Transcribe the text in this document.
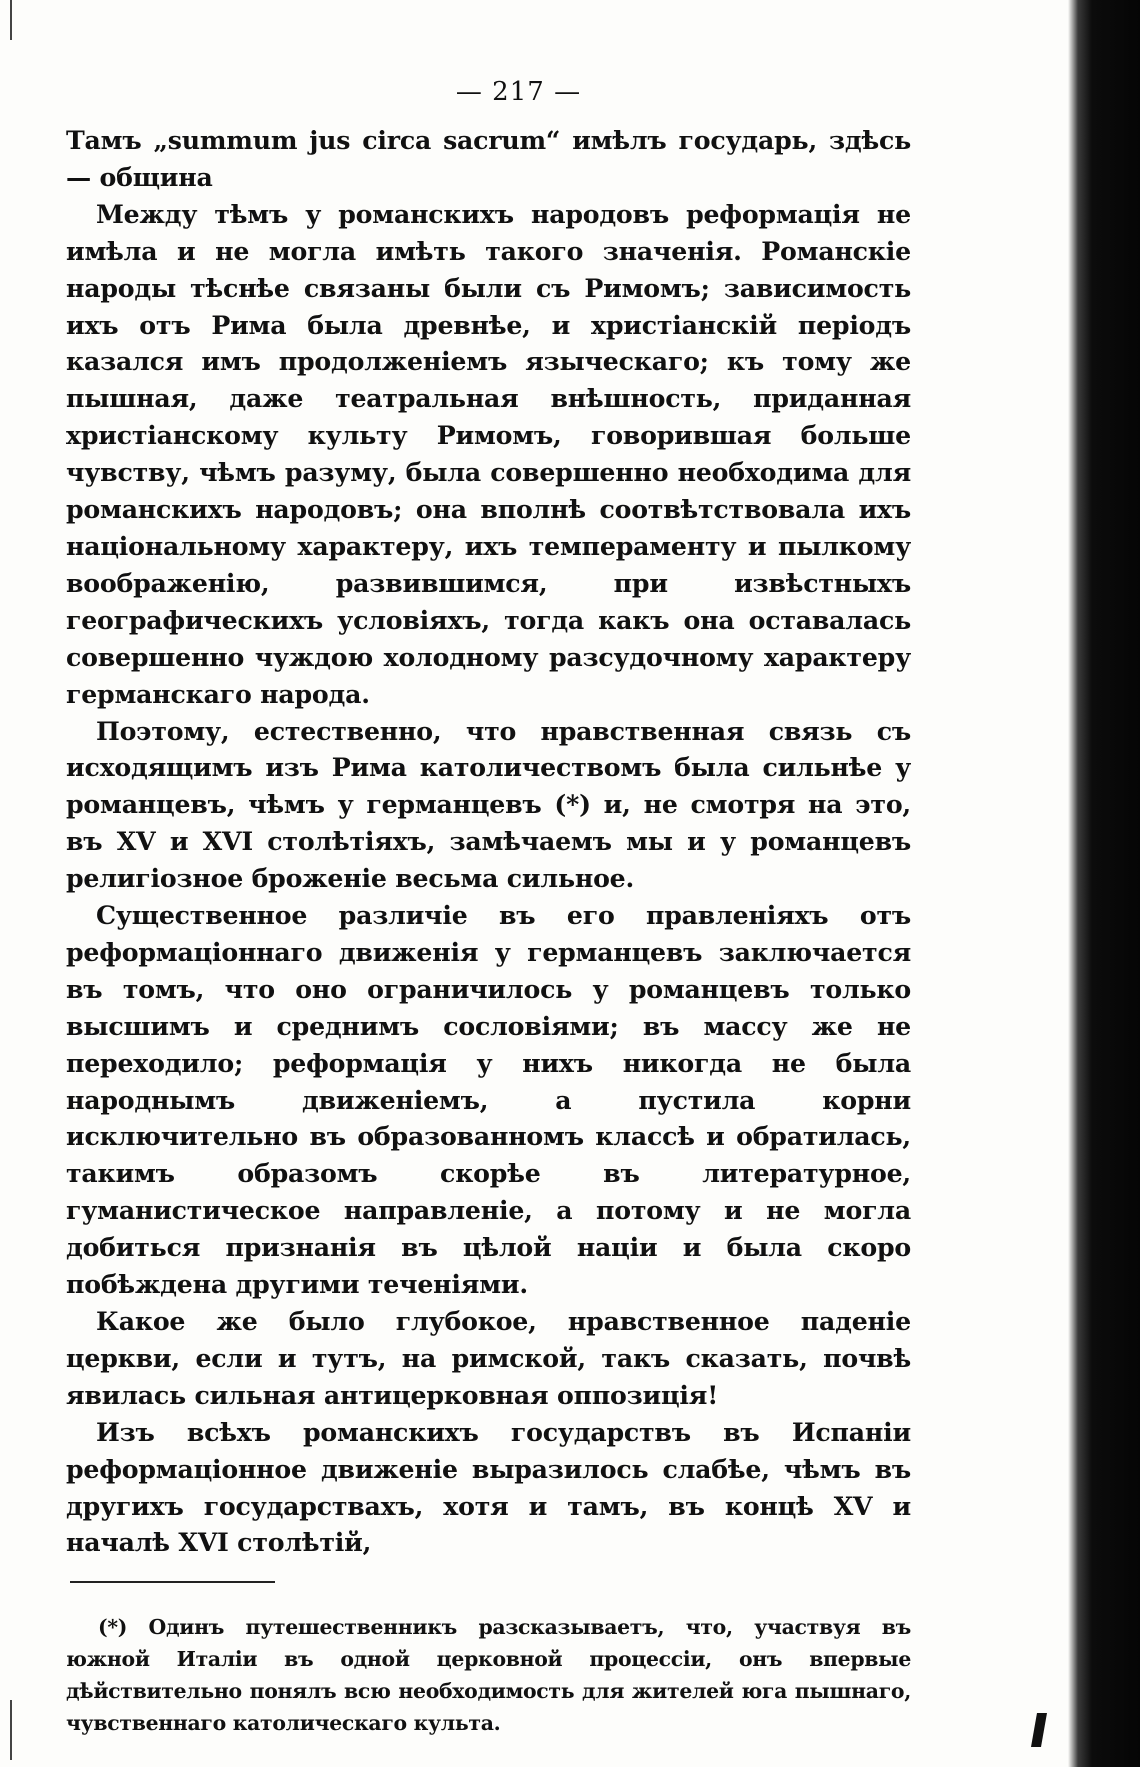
— 217 —

Тамъ „summum jus circa sacrum“ имѣлъ государь, здѣсь— община

Между тѣмъ у романскихъ народовъ реформація не имѣла и не могла имѣть такого значенія. Романскіе народы тѣснѣе связаны были съ Римомъ; зависимость ихъ отъ Рима была древнѣе, и христіанскій періодъ казался имъ продолженіемъ языческаго; къ тому же пышная, даже театральная внѣшность, приданная христіанскому культу Римомъ, говорившая больше чувству, чѣмъ разуму, была совершенно необходима для романскихъ народовъ; она вполнѣ соотвѣтствовала ихъ національному характеру, ихъ темпераменту и пылкому воображенію, развившимся, при извѣстныхъ географическихъ условіяхъ, тогда какъ она оставалась совершенно чуждою холодному разсудочному характеру германскаго народа.

Поэтому, естественно, что нравственная связь съ исходящимъ изъ Рима католичествомъ была сильнѣе у романцевъ, чѣмъ у германцевъ (*) и, не смотря на это, въ XV и XVI столѣтіяхъ, замѣчаемъ мы и у романцевъ религіозное броженіе весьма сильное.

Существенное различіе въ его правленіяхъ отъ реформаціоннаго движенія у германцевъ заключается въ томъ, что оно ограничилось у романцевъ только высшимъ и среднимъ сословіями; въ массу же не переходило; реформація у нихъ никогда не была народнымъ движеніемъ, а пустила корни исключительно въ образованномъ классѣ и обратилась, такимъ образомъ скорѣе въ литературное, гуманистическое направленіе, а потому и не могла добиться признанія въ цѣлой націи и была скоро побѣждена другими теченіями.

Какое же было глубокое, нравственное паденіе церкви, если и тутъ, на римской, такъ сказать, почвѣ явилась сильная антицерковная оппозиція!

Изъ всѣхъ романскихъ государствъ въ Испаніи реформаціонное движеніе выразилось слабѣе, чѣмъ въ другихъ государствахъ, хотя и тамъ, въ концѣ XV и началѣ XVI столѣтій,

(*) Одинъ путешественникъ разсказываетъ, что, участвуя въ южной Италіи въ одной церковной процессіи, онъ впервые дѣйствительно понялъ всю необходимость для жителей юга пышнаго, чувственнаго католическаго культа.
